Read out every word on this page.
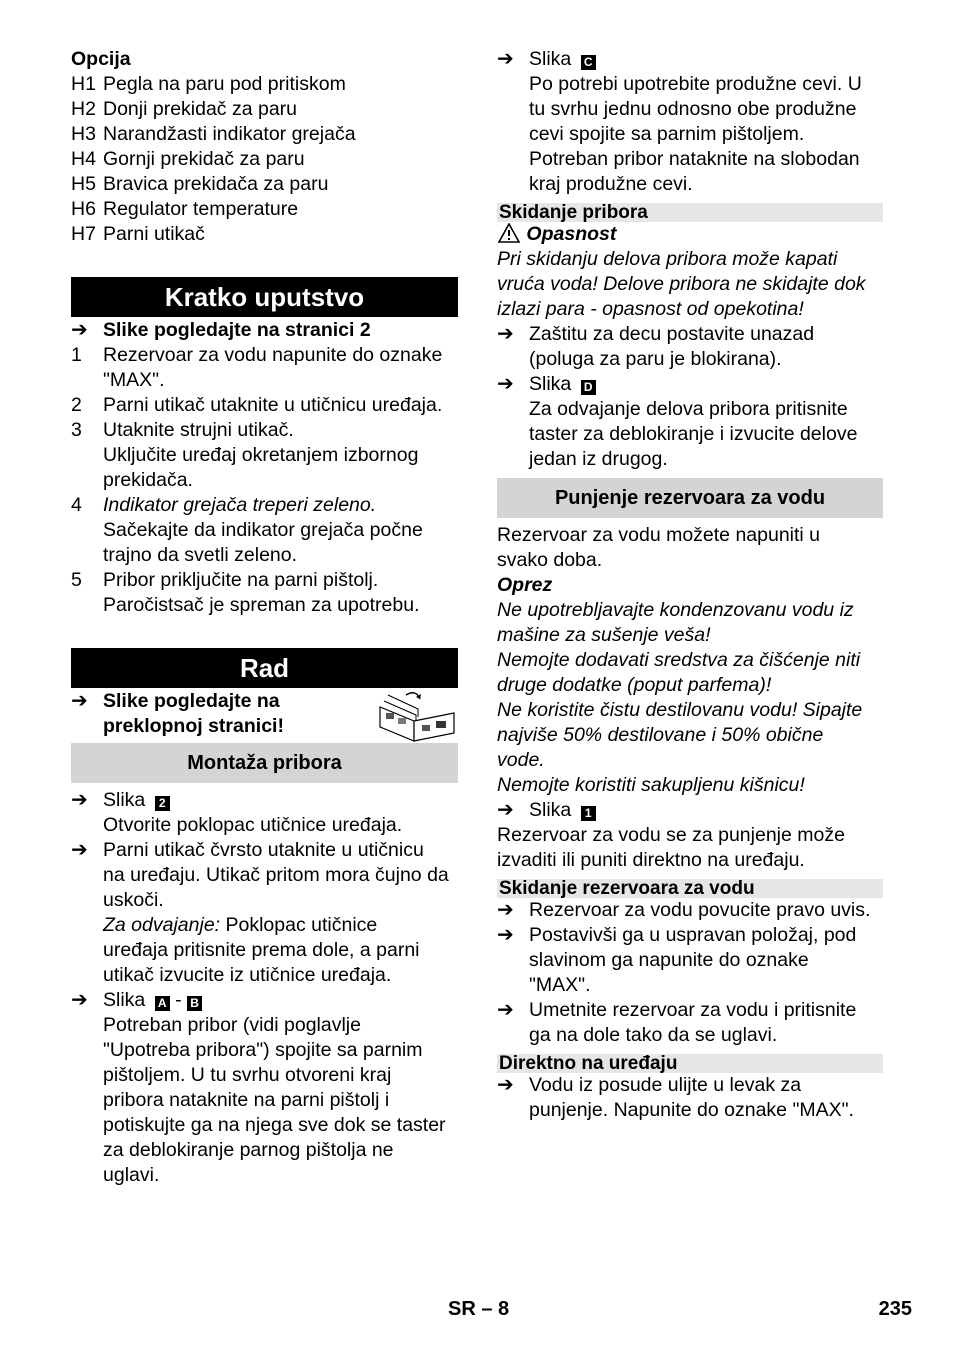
Opcija

H1 Pegla na paru pod pritiskom
H2 Donji prekidač za paru
H3 Narandžasti indikator grejača
H4 Gornji prekidač za paru
H5 Bravica prekidača za paru
H6 Regulator temperature
H7 Parni utikač
Kratko uputstvo
➔ Slike pogledajte na stranici 2
1	Rezervoar za vodu napunite do oznake
"MAX".
2	Parni utikač utaknite u utičnicu uređaja.
3	Utaknite strujni utikač.
Uključite uređaj okretanjem izbornog
prekidača.
4	Indikator grejača treperi zeleno.
Sačekajte da indikator grejača počne
trajno da svetli zeleno.
5	Pribor priključite na parni pištolj.
Paročistsač je spreman za upotrebu.
Rad
➔ Slike pogledajte na
preklopnoj stranici!
Montaža pribora
➔ Slika 2
Otvorite poklopac utičnice uređaja.
➔ Parni utikač čvrsto utaknite u utičnicu
na uređaju. Utikač pritom mora čujno da
uskoči.
Za odvajanje: Poklopac utičnice
uređaja pritisnite prema dole, a parni
utikač izvucite iz utičnice uređaja.
➔ Slika A - B
Potreban pribor (vidi poglavlje
"Upotreba pribora") spojite sa parnim
pištoljem. U tu svrhu otvoreni kraj
pribora nataknite na parni pištolj i
potiskujte ga na njega sve dok se taster
za deblokiranje parnog pištolja ne
uglavi.
➔ Slika C
Po potrebi upotrebite produžne cevi. U
tu svrhu jednu odnosno obe produžne
cevi spojite sa parnim pištoljem.
Potreban pribor nataknite na slobodan
kraj produžne cevi.
Skidanje pribora
Opasnost

Pri skidanju delova pribora može kapati
vruća voda! Delove pribora ne skidajte dok
izlazi para - opasnost od opekotina!

➔ Zaštitu za decu postavite unazad
(poluga za paru je blokirana).
➔ Slika D
Za odvajanje delova pribora pritisnite
taster za deblokiranje i izvucite delove
jedan iz drugog.
Punjenje rezervoara za vodu

Rezervoar za vodu možete napuniti u
svako doba.

Oprez

Ne upotrebljavajte kondenzovanu vodu iz
mašine za sušenje veša!
Nemojte dodavati sredstva za čišćenje niti
druge dodatke (poput parfema)!
Ne koristite čistu destilovanu vodu! Sipajte
najviše 50% destilovane i 50% obične
vode.
Nemojte koristiti sakupljenu kišnicu!

➔ Slika 1

Rezervoar za vodu se za punjenje može
izvaditi ili puniti direktno na uređaju.

Skidanje rezervoara za vodu
➔ Rezervoar za vodu povucite pravo uvis.
➔ Postavivši ga u uspravan položaj, pod
slavinom ga napunite do oznake
"MAX".
➔ Umetnite rezervoar za vodu i pritisnite
ga na dole tako da se uglavi.
Direktno na uređaju
➔ Vodu iz posude ulijte u levak za
punjenje. Napunite do oznake "MAX".
SR – 8	235
